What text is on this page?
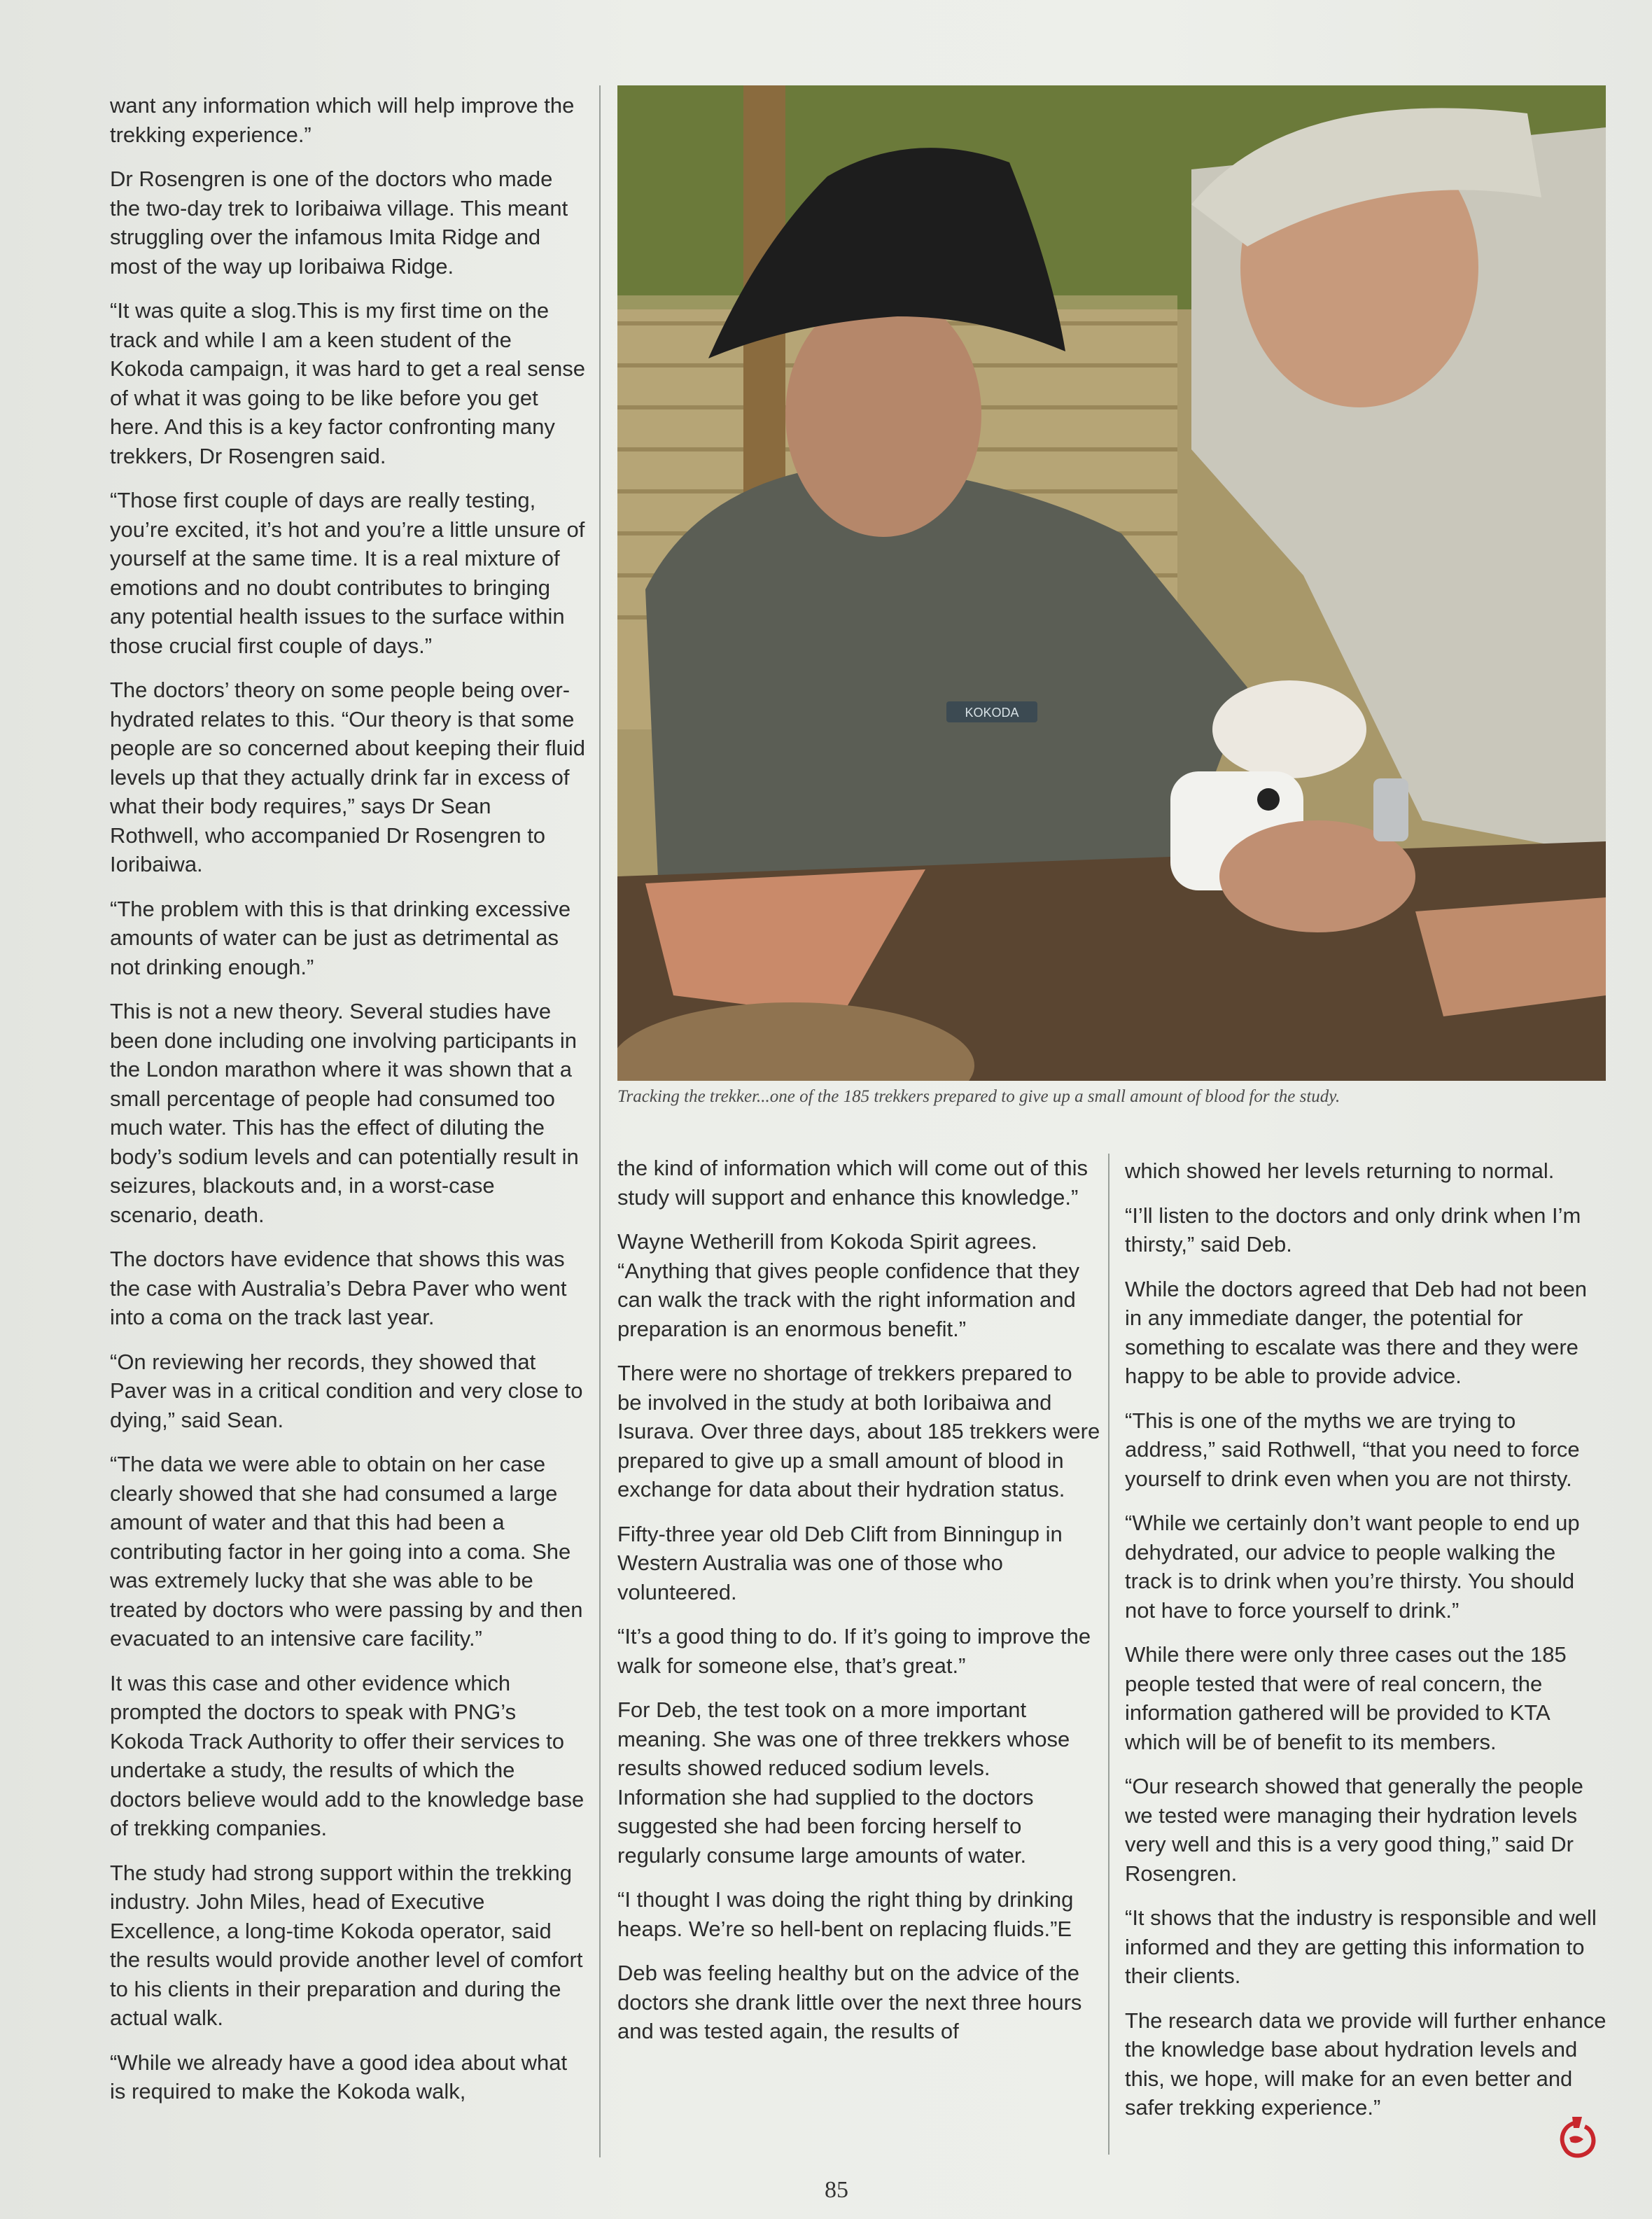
want any information which will help improve the trekking experience.”

Dr Rosengren is one of the doctors who made the two-day trek to Ioribaiwa village. This meant struggling over the infamous Imita Ridge and most of the way up Ioribaiwa Ridge.

“It was quite a slog.This is my first time on the track and while I am a keen student of the Kokoda campaign, it was hard to get a real sense of what it was going to be like before you get here. And this is a key factor confronting many trekkers, Dr Rosengren said.

“Those first couple of days are really testing, you’re excited, it’s hot and you’re a little unsure of yourself at the same time. It is a real mixture of emotions and no doubt contributes to bringing any potential health issues to the surface within those crucial first couple of days.”

The doctors’ theory on some people being over-hydrated relates to this. “Our theory is that some people are so concerned about keeping their fluid levels up that they actually drink far in excess of what their body requires,” says Dr Sean Rothwell, who accompanied Dr Rosengren to Ioribaiwa.

“The problem with this is that drinking excessive amounts of water can be just as detrimental as not drinking enough.”

This is not a new theory. Several studies have been done including one involving participants in the London marathon where it was shown that a small percentage of people had consumed too much water. This has the effect of diluting the body’s sodium levels and can potentially result in seizures, blackouts and, in a worst-case scenario, death.

The doctors have evidence that shows this was the case with Australia’s Debra Paver who went into a coma on the track last year.

“On reviewing her records, they showed that Paver was in a critical condition and very close to dying,” said Sean.

“The data we were able to obtain on her case clearly showed that she had consumed a large amount of water and that this had been a contributing factor in her going into a coma. She was extremely lucky that she was able to be treated by doctors who were passing by and then evacuated to an intensive care facility.”

It was this case and other evidence which prompted the doctors to speak with PNG’s Kokoda Track Authority to offer their services to undertake a study, the results of which the doctors believe would add to the knowledge base of trekking companies.

The study had strong support within the trekking industry. John Miles, head of Executive Excellence, a long-time Kokoda operator, said the results would provide another level of comfort to his clients in their preparation and during the actual walk.

“While we already have a good idea about what is required to make the Kokoda walk,

KOKODA
Tracking the trekker...one of the 185 trekkers prepared to give up a small amount of blood for the study.

the kind of information which will come out of this study will support and enhance this knowledge.”

Wayne Wetherill from Kokoda Spirit agrees. “Anything that gives people confidence that they can walk the track with the right information and preparation is an enormous benefit.”

There were no shortage of trekkers prepared to be involved in the study at both Ioribaiwa and Isurava. Over three days, about 185 trekkers were prepared to give up a small amount of blood in exchange for data about their hydration status.

Fifty-three year old Deb Clift from Binningup in Western Australia was one of those who volunteered.

“It’s a good thing to do. If it’s going to improve the walk for someone else, that’s great.”

For Deb, the test took on a more important meaning. She was one of three trekkers whose results showed reduced sodium levels. Information she had supplied to the doctors suggested she had been forcing herself to regularly consume large amounts of water.

“I thought I was doing the right thing by drinking heaps. We’re so hell-bent on replacing fluids.”E

Deb was feeling healthy but on the advice of the doctors she drank little over the next three hours and was tested again, the results of

which showed her levels returning to normal.

“I’ll listen to the doctors and only drink when I’m thirsty,” said Deb.

While the doctors agreed that Deb had not been in any immediate danger, the potential for something to escalate was there and they were happy to be able to provide advice.

“This is one of the myths we are trying to address,” said Rothwell, “that you need to force yourself to drink even when you are not thirsty.

“While we certainly don’t want people to end up dehydrated, our advice to people walking the track is to drink when you’re thirsty. You should not have to force yourself to drink.”

While there were only three cases out the 185 people tested that were of real concern, the information gathered will be provided to KTA which will be of benefit to its members.

“Our research showed that generally the people we tested were managing their hydration levels very well and this is a very good thing,” said Dr Rosengren.

“It shows that the industry is responsible and well informed and they are getting this information to their clients.

The research data we provide will further enhance the knowledge base about hydration levels and this, we hope, will make for an even better and safer trekking experience.”

85
